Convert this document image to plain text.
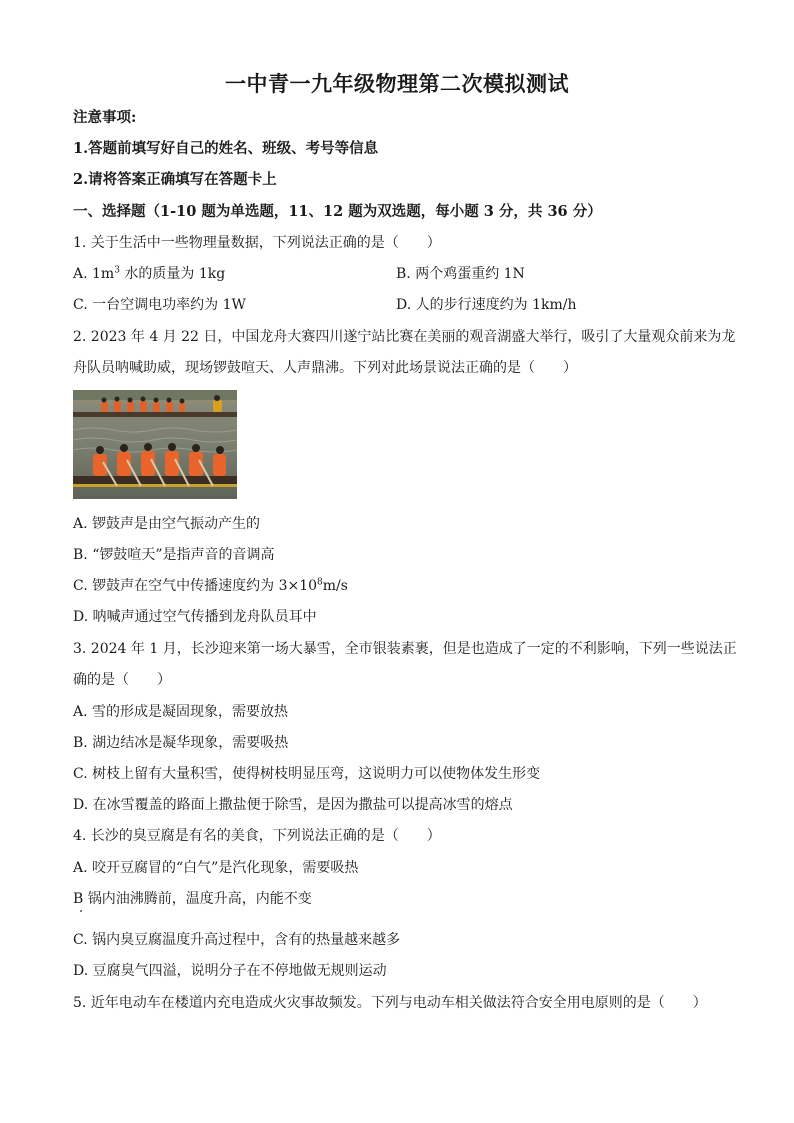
一中青一九年级物理第二次模拟测试
注意事项:
1.答题前填写好自己的姓名、班级、考号等信息
2.请将答案正确填写在答题卡上
一、选择题（1-10 题为单选题，11、12 题为双选题，每小题 3 分，共 36 分）
1. 关于生活中一些物理量数据，下列说法正确的是（　　）
A. $1m^3$ 水的质量为 1kg	B. 两个鸡蛋重约 1N
C. 一台空调电功率约为 1W	D. 人的步行速度约为 1km/h
2. 2023 年 4 月 22 日，中国龙舟大赛四川遂宁站比赛在美丽的观音湖盛大举行，吸引了大量观众前来为龙
舟队员呐喊助威，现场锣鼓喧天、人声鼎沸。下列对此场景说法正确的是（　　）
A. 锣鼓声是由空气振动产生的
B. “锣鼓喧天”是指声音的音调高
C. 锣鼓声在空气中传播速度约为 $3\times 10^8m/s$
D. 呐喊声通过空气传播到龙舟队员耳中
3. 2024 年 1 月，长沙迎来第一场大暴雪，全市银装素裹，但是也造成了一定的不利影响，下列一些说法正
确的是（　　）
A. 雪的形成是凝固现象，需要放热
B. 湖边结冰是凝华现象，需要吸热
C. 树枝上留有大量积雪，使得树枝明显压弯，这说明力可以使物体发生形变
D. 在冰雪覆盖的路面上撒盐便于除雪，是因为撒盐可以提高冰雪的熔点
4. 长沙的臭豆腐是有名的美食，下列说法正确的是（　　）
A. 咬开豆腐冒的“白气”是汽化现象，需要吸热
B 锅内油沸腾前，温度升高，内能不变
C. 锅内臭豆腐温度升高过程中，含有的热量越来越多
D. 豆腐臭气四溢，说明分子在不停地做无规则运动
5. 近年电动车在楼道内充电造成火灾事故频发。下列与电动车相关做法符合安全用电原则的是（　　）
